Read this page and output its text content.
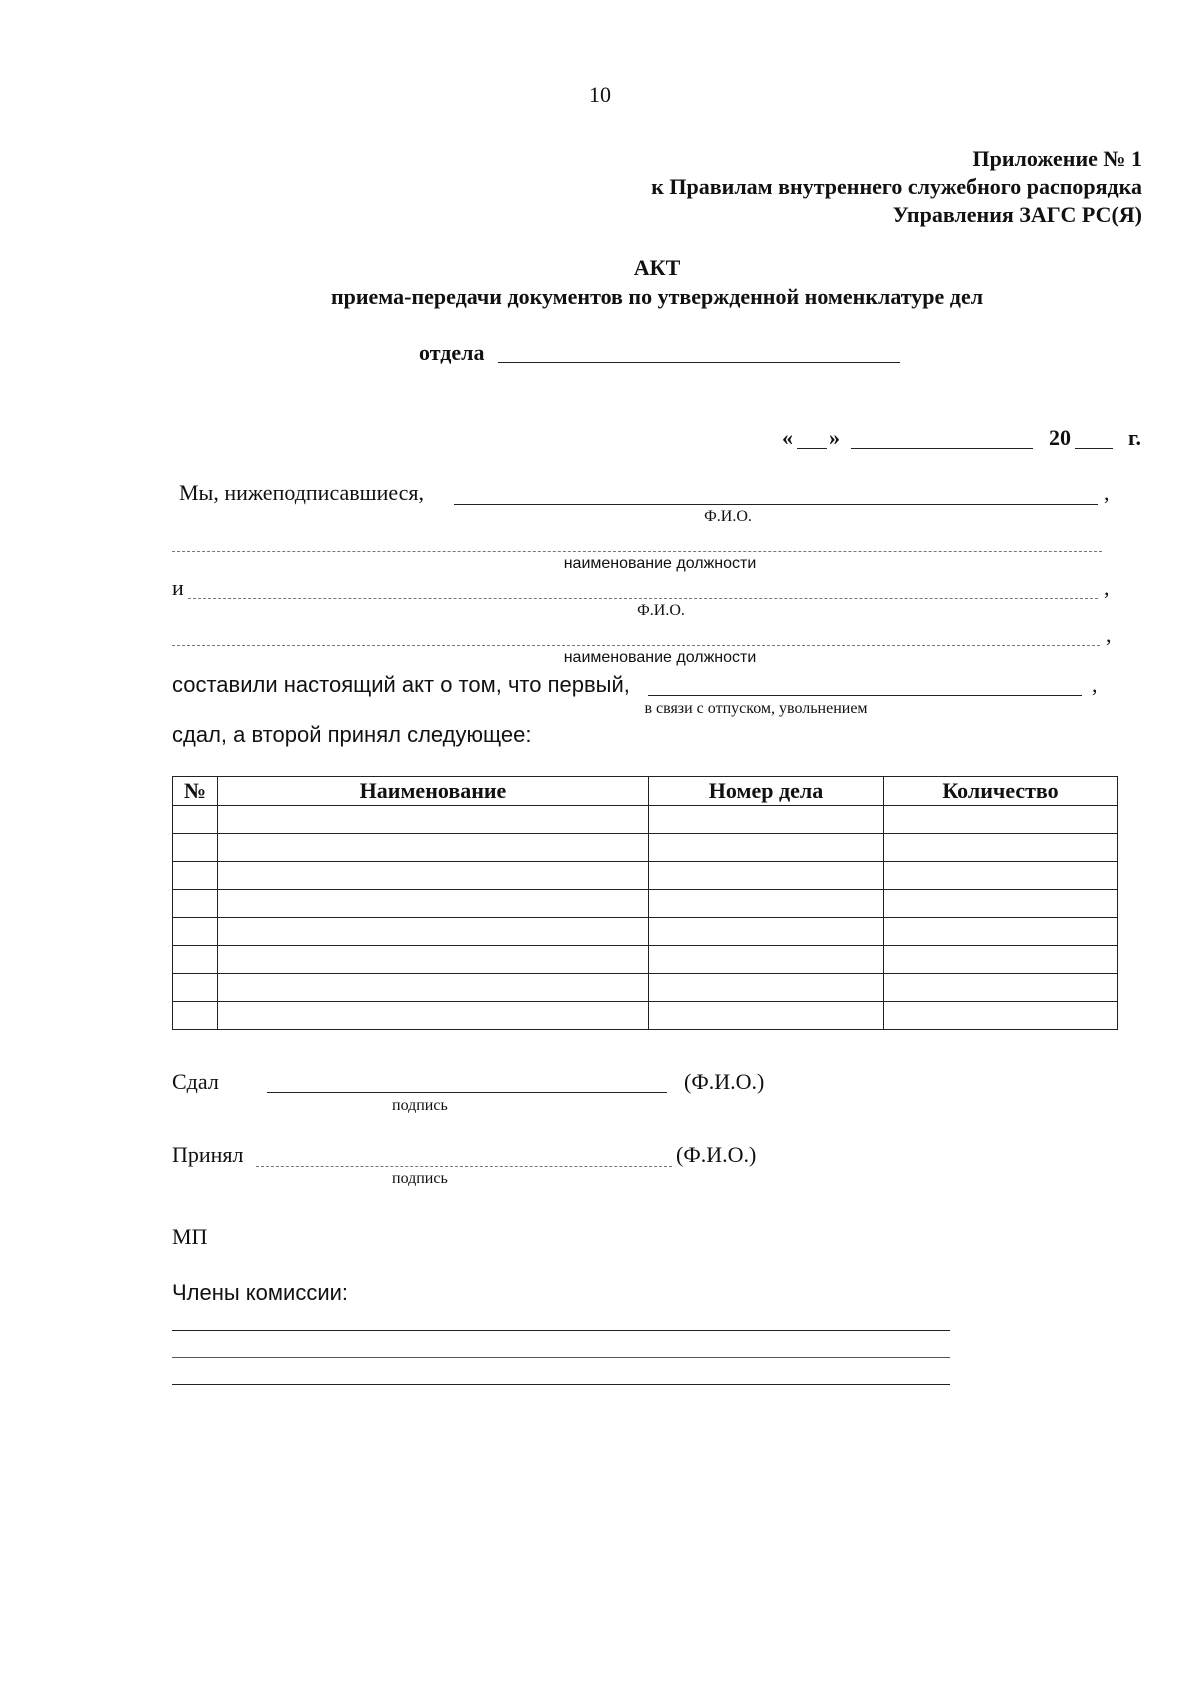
10
Приложение № 1
к Правилам внутреннего служебного распорядка
Управления ЗАГС РС(Я)
АКТ
приема-передачи документов по утвержденной номенклатуре дел
отдела
« »	20	г.
Мы, нижеподписавшиеся,	,
Ф.И.О.
наименование должности
и	,
Ф.И.О.
,
наименование должности
составили настоящий акт о том, что первый,	,
в связи с отпуском, увольнением
сдал, а второй принял следующее:
№	Наименование	Номер дела	Количество

Сдал	(Ф.И.О.)
подпись
Принял	(Ф.И.О.)
подпись
МП
Члены комиссии:
